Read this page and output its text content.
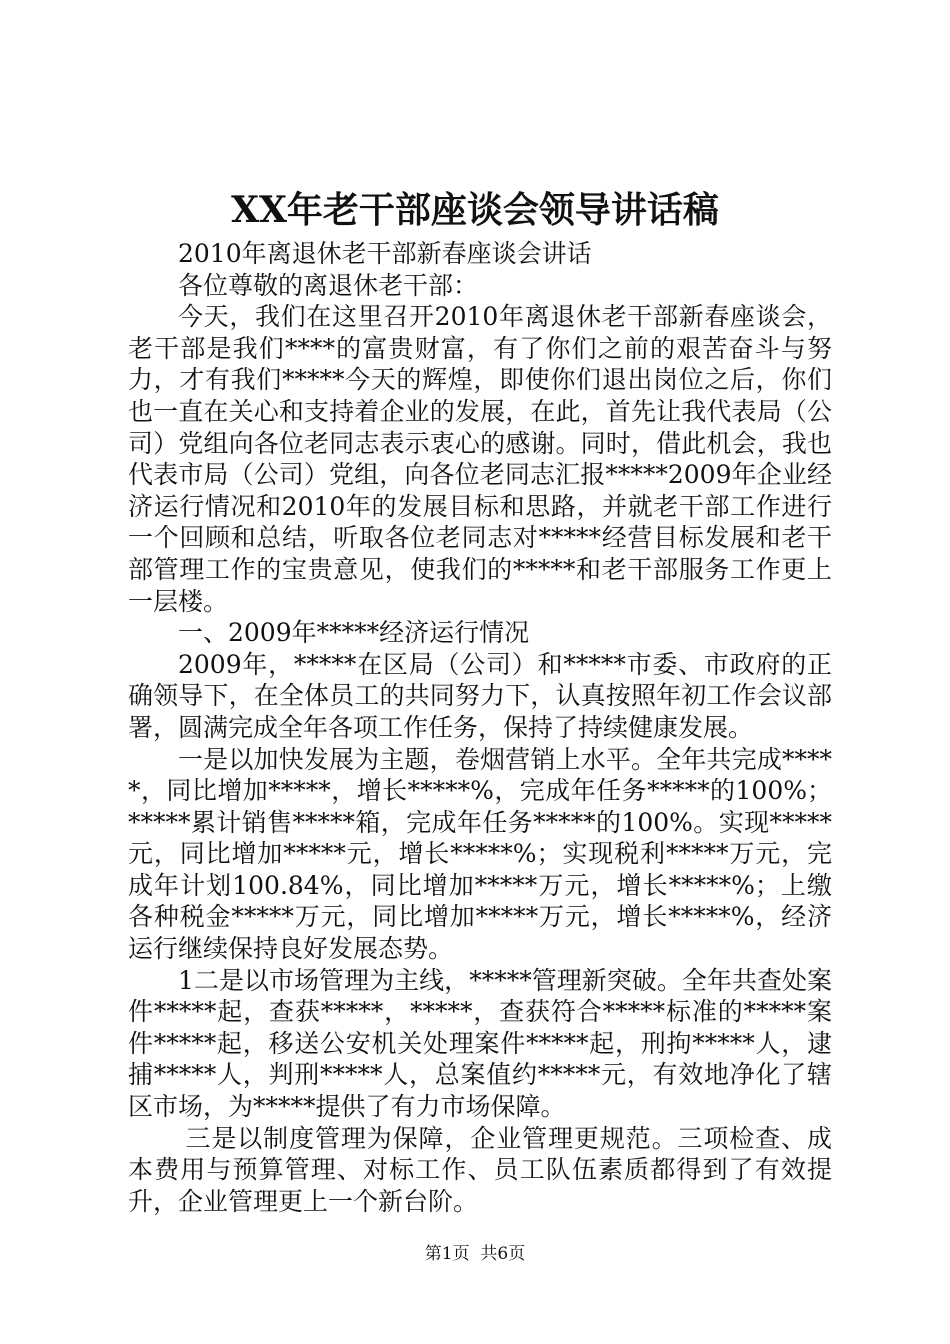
XX年老干部座谈会领导讲话稿

2010年离退休老干部新春座谈会讲话

各位尊敬的离退休老干部：

今天，我们在这里召开2010年离退休老干部新春座谈会，老干部是我们****的富贵财富，有了你们之前的艰苦奋斗与努力，才有我们*****今天的辉煌，即使你们退出岗位之后，你们也一直在关心和支持着企业的发展，在此，首先让我代表局（公司）党组向各位老同志表示衷心的感谢。同时，借此机会，我也代表市局（公司）党组，向各位老同志汇报*****2009年企业经济运行情况和2010年的发展目标和思路，并就老干部工作进行一个回顾和总结，听取各位老同志对*****经营目标发展和老干部管理工作的宝贵意见，使我们的*****和老干部服务工作更上一层楼。

一、2009年*****经济运行情况

2009年，*****在区局（公司）和*****市委、市政府的正确领导下，在全体员工的共同努力下，认真按照年初工作会议部署，圆满完成全年各项工作任务，保持了持续健康发展。

一是以加快发展为主题，卷烟营销上水平。全年共完成*****，同比增加*****，增长*****%，完成年任务*****的100%；*****累计销售*****箱，完成年任务*****的100%。实现*****元，同比增加*****元，增长*****%；实现税利*****万元，完成年计划100.84%，同比增加*****万元，增长*****%；上缴各种税金*****万元，同比增加*****万元，增长*****%，经济运行继续保持良好发展态势。

1二是以市场管理为主线，*****管理新突破。全年共查处案件*****起，查获*****，*****，查获符合*****标准的*****案件*****起，移送公安机关处理案件*****起，刑拘*****人，逮捕*****人，判刑*****人，总案值约*****元，有效地净化了辖区市场，为*****提供了有力市场保障。

三是以制度管理为保障，企业管理更规范。三项检查、成本费用与预算管理、对标工作、员工队伍素质都得到了有效提升，企业管理更上一个新台阶。

第1页  共6页
